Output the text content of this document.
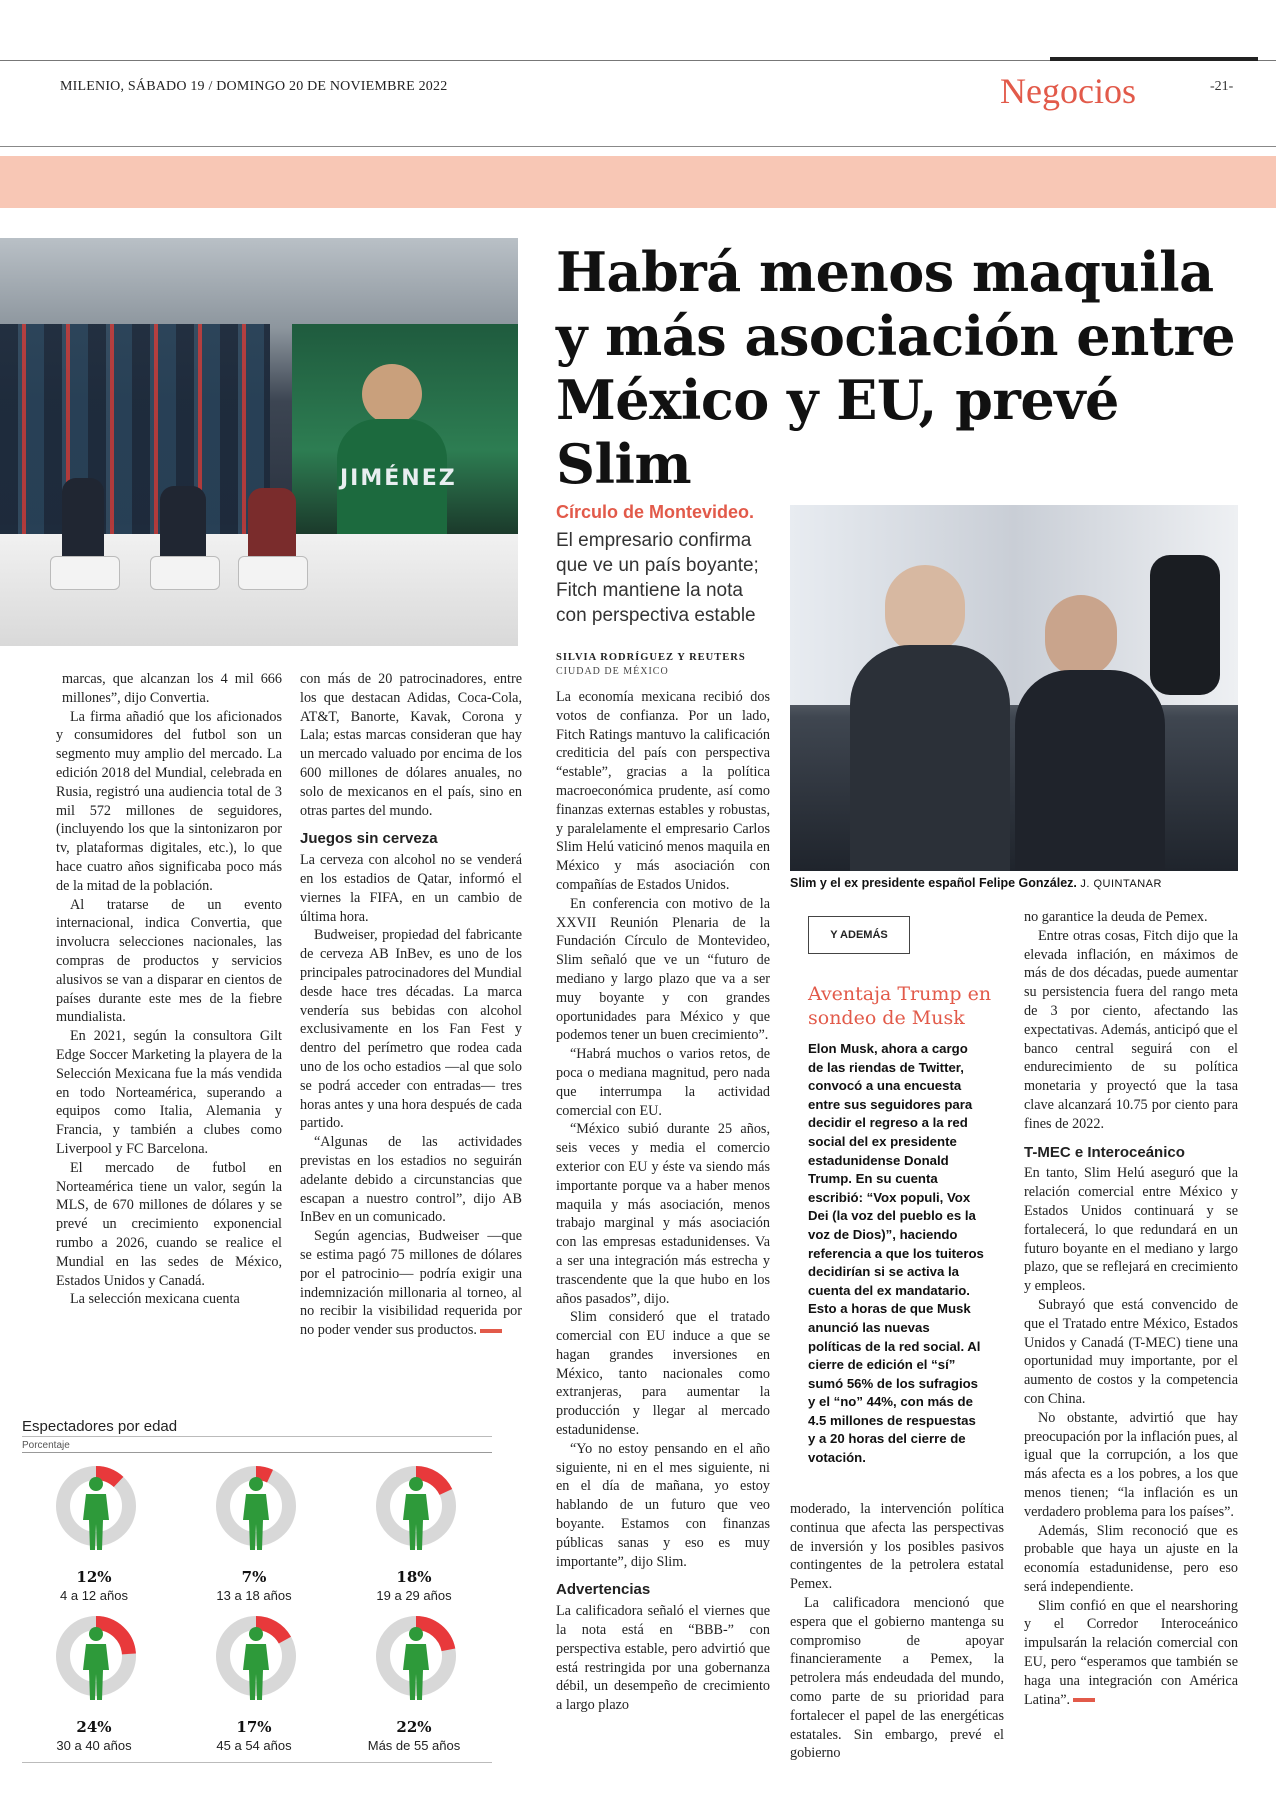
MILENIO, SÁBADO 19 / DOMINGO 20 DE NOVIEMBRE 2022	Negocios	-21-
JIMÉNEZ
Habrá menos maquila y más asociación entre México y EU, prevé Slim
Círculo de Montevideo.
El empresario confirma que ve un país boyante; Fitch mantiene la nota con perspectiva estable
SILVIA RODRÍGUEZ Y REUTERS
CIUDAD DE MÉXICO
Slim y el ex presidente español Felipe González. J. QUINTANAR

marcas, que alcanzan los 4 mil 666 millones”, dijo Convertia.

La firma añadió que los aficionados y consumidores del futbol son un segmento muy amplio del mercado. La edición 2018 del Mundial, celebrada en Rusia, registró una audiencia total de 3 mil 572 millones de seguidores, (incluyendo los que la sintonizaron por tv, plataformas digitales, etc.), lo que hace cuatro años significaba poco más de la mitad de la población.

Al tratarse de un evento internacional, indica Convertia, que involucra selecciones nacionales, las compras de productos y servicios alusivos se van a disparar en cientos de países durante este mes de la fiebre mundialista.

En 2021, según la consultora Gilt Edge Soccer Marketing la playera de la Selección Mexicana fue la más vendida en todo Norteamérica, superando a equipos como Italia, Alemania y Francia, y también a clubes como Liverpool y FC Barcelona.

El mercado de futbol en Norteamérica tiene un valor, según la MLS, de 670 millones de dólares y se prevé un crecimiento exponencial rumbo a 2026, cuando se realice el Mundial en las sedes de México, Estados Unidos y Canadá.

La selección mexicana cuenta

con más de 20 patrocinadores, entre los que destacan Adidas, Coca-Cola, AT&T, Banorte, Kavak, Corona y Lala; estas marcas consideran que hay un mercado valuado por encima de los 600 millones de dólares anuales, no solo de mexicanos en el país, sino en otras partes del mundo.

Juegos sin cerveza

La cerveza con alcohol no se venderá en los estadios de Qatar, informó el viernes la FIFA, en un cambio de última hora.

Budweiser, propiedad del fabricante de cerveza AB InBev, es uno de los principales patrocinadores del Mundial desde hace tres décadas. La marca vendería sus bebidas con alcohol exclusivamente en los Fan Fest y dentro del perímetro que rodea cada uno de los ocho estadios —al que solo se podrá acceder con entradas— tres horas antes y una hora después de cada partido.

“Algunas de las actividades previstas en los estadios no seguirán adelante debido a circunstancias que escapan a nuestro control”, dijo AB InBev en un comunicado.

Según agencias, Budweiser —que se estima pagó 75 millones de dólares por el patrocinio— podría exigir una indemnización millonaria al torneo, al no recibir la visibilidad requerida por no poder vender sus productos.

Espectadores por edad
Porcentaje
12%
4 a 12 años
7%
13 a 18 años
18%
19 a 29 años
24%
30 a 40 años
17%
45 a 54 años
22%
Más de 55 años

La economía mexicana recibió dos votos de confianza. Por un lado, Fitch Ratings mantuvo la calificación crediticia del país con perspectiva “estable”, gracias a la política macroeconómica prudente, así como finanzas externas estables y robustas, y paralelamente el empresario Carlos Slim Helú vaticinó menos maquila en México y más asociación con compañías de Estados Unidos.

En conferencia con motivo de la XXVII Reunión Plenaria de la Fundación Círculo de Montevideo, Slim señaló que ve un “futuro de mediano y largo plazo que va a ser muy boyante y con grandes oportunidades para México y que podemos tener un buen crecimiento”.

“Habrá muchos o varios retos, de poca o mediana magnitud, pero nada que interrumpa la actividad comercial con EU.

“México subió durante 25 años, seis veces y media el comercio exterior con EU y éste va siendo más importante porque va a haber menos maquila y más asociación, menos trabajo marginal y más asociación con las empresas estadunidenses. Va a ser una integración más estrecha y trascendente que la que hubo en los años pasados”, dijo.

Slim consideró que el tratado comercial con EU induce a que se hagan grandes inversiones en México, tanto nacionales como extranjeras, para aumentar la producción y llegar al mercado estadunidense.

“Yo no estoy pensando en el año siguiente, ni en el mes siguiente, ni en el día de mañana, yo estoy hablando de un futuro que veo boyante. Estamos con finanzas públicas sanas y eso es muy importante”, dijo Slim.

Advertencias

La calificadora señaló el viernes que la nota está en “BBB-” con perspectiva estable, pero advirtió que está restringida por una gobernanza débil, un desempeño de crecimiento a largo plazo

Y ADEMÁS
Aventaja Trump en sondeo de Musk
Elon Musk, ahora a cargo de las riendas de Twitter, convocó a una encuesta entre sus seguidores para decidir el regreso a la red social del ex presidente estadunidense Donald Trump. En su cuenta escribió: “Vox populi, Vox Dei (la voz del pueblo es la voz de Dios)”, haciendo referencia a que los tuiteros decidirían si se activa la cuenta del ex mandatario. Esto a horas de que Musk anunció las nuevas políticas de la red social. Al cierre de edición el “sí” sumó 56% de los sufragios y el “no” 44%, con más de 4.5 millones de respuestas y a 20 horas del cierre de votación.

moderado, la intervención política continua que afecta las perspectivas de inversión y los posibles pasivos contingentes de la petrolera estatal Pemex.

La calificadora mencionó que espera que el gobierno mantenga su compromiso de apoyar financieramente a Pemex, la petrolera más endeudada del mundo, como parte de su prioridad para fortalecer el papel de las energéticas estatales. Sin embargo, prevé el gobierno

no garantice la deuda de Pemex.

Entre otras cosas, Fitch dijo que la elevada inflación, en máximos de más de dos décadas, puede aumentar su persistencia fuera del rango meta de 3 por ciento, afectando las expectativas. Además, anticipó que el banco central seguirá con el endurecimiento de su política monetaria y proyectó que la tasa clave alcanzará 10.75 por ciento para fines de 2022.

T-MEC e Interoceánico

En tanto, Slim Helú aseguró que la relación comercial entre México y Estados Unidos continuará y se fortalecerá, lo que redundará en un futuro boyante en el mediano y largo plazo, que se reflejará en crecimiento y empleos.

Subrayó que está convencido de que el Tratado entre México, Estados Unidos y Canadá (T-MEC) tiene una oportunidad muy importante, por el aumento de costos y la competencia con China.

No obstante, advirtió que hay preocupación por la inflación pues, al igual que la corrupción, a los que más afecta es a los pobres, a los que menos tienen; “la inflación es un verdadero problema para los países”.

Además, Slim reconoció que es probable que haya un ajuste en la economía estadunidense, pero eso será independiente.

Slim confió en que el nearshoring y el Corredor Interoceánico impulsarán la relación comercial con EU, pero “esperamos que también se haga una integración con América Latina”.
